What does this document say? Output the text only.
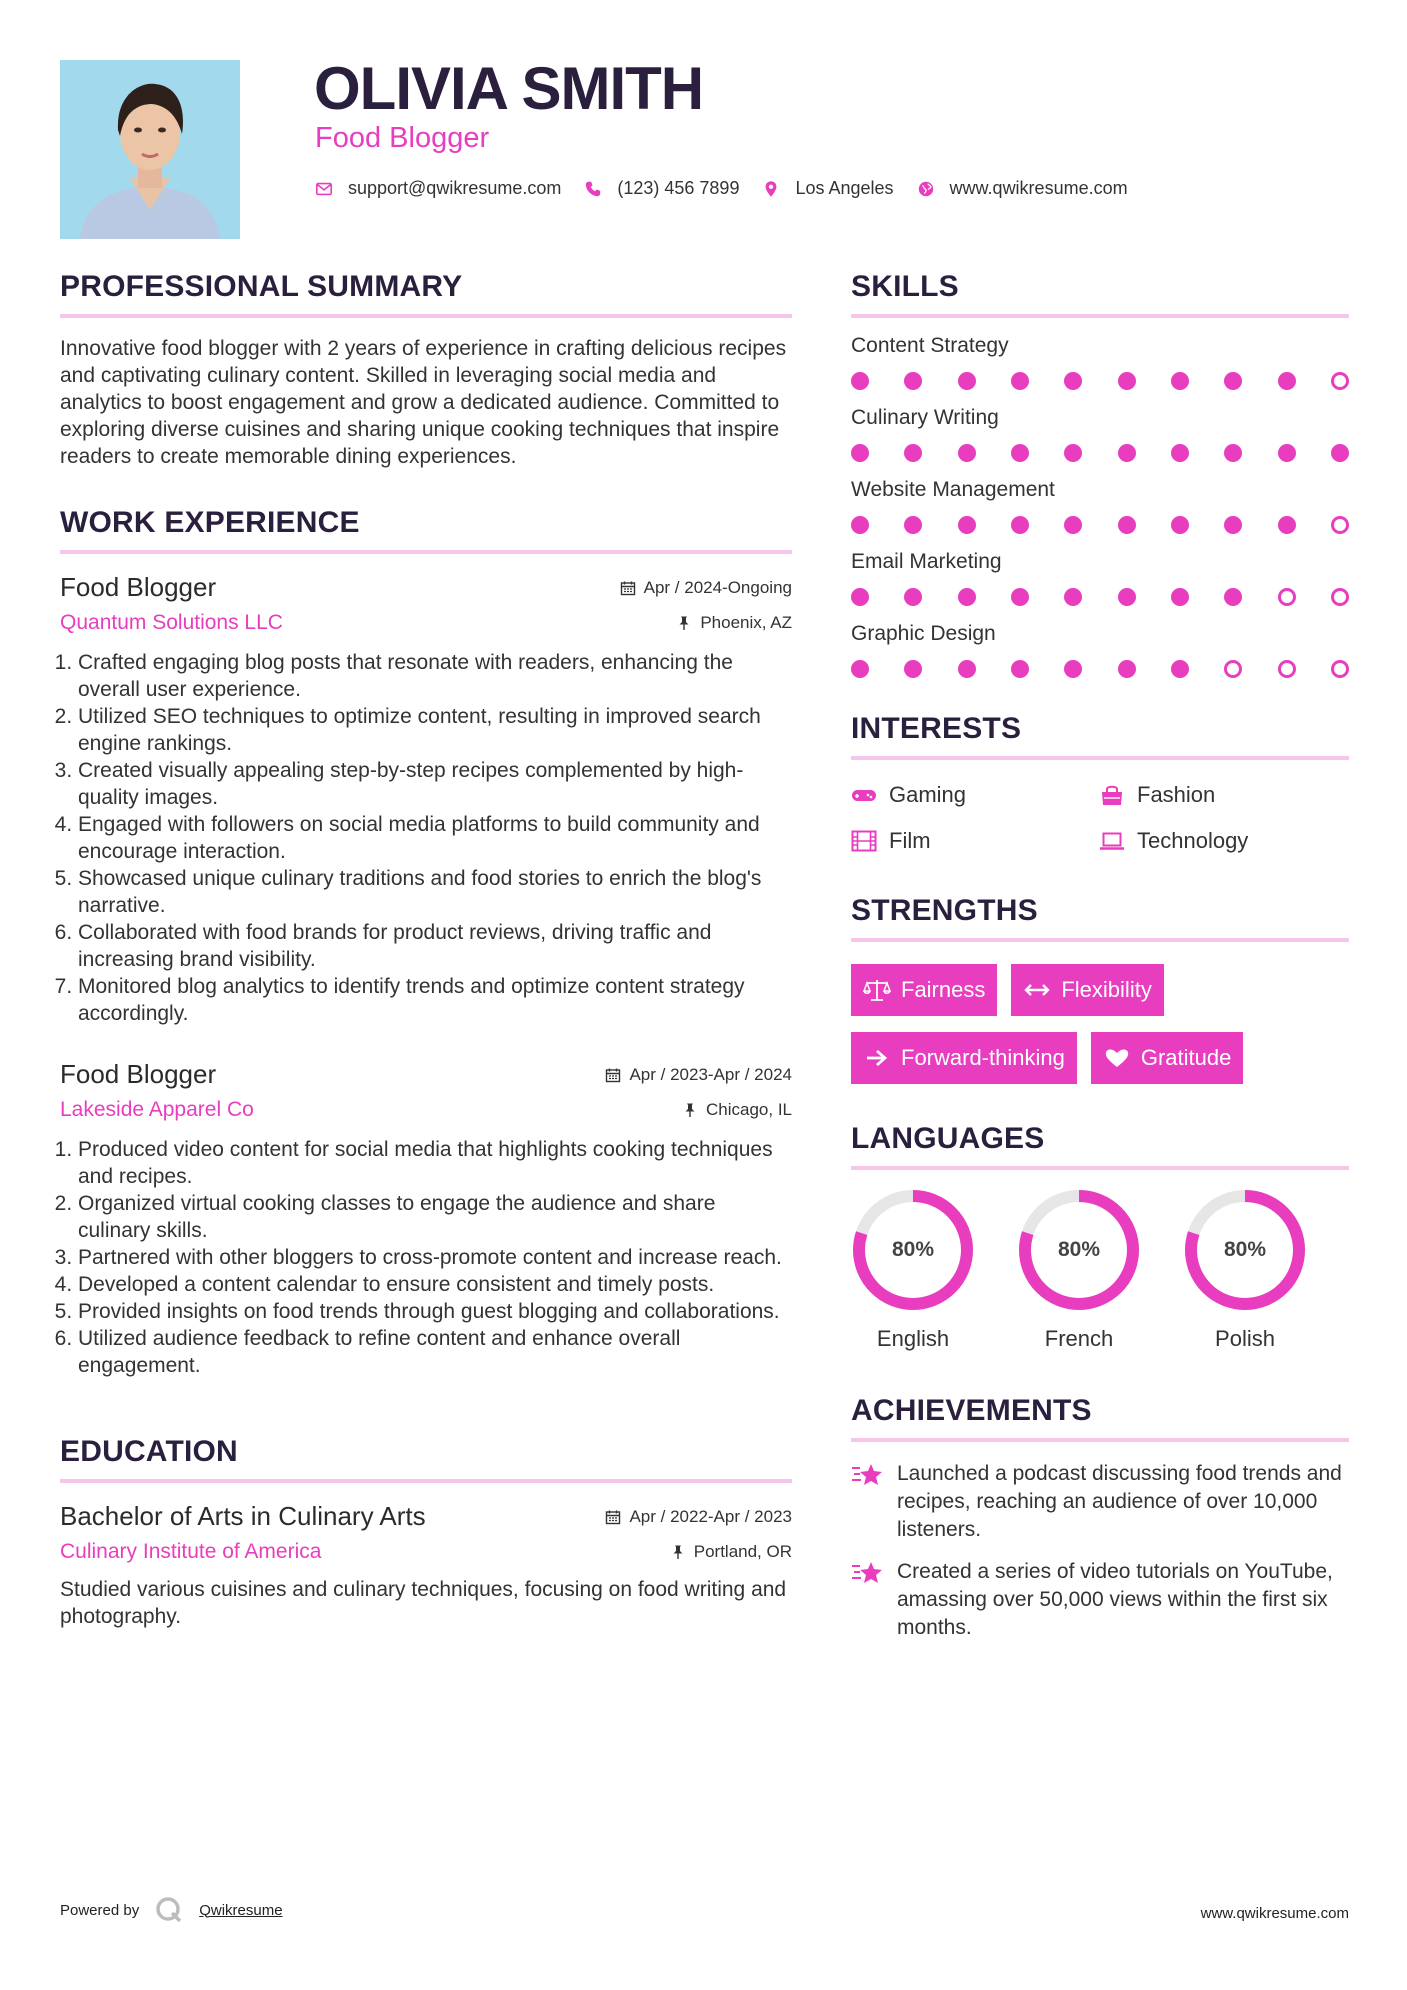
OLIVIA SMITH
Food Blogger
support@qwikresume.com	(123) 456 7899	Los Angeles	www.qwikresume.com
PROFESSIONAL SUMMARY
Innovative food blogger with 2 years of experience in crafting delicious recipes and captivating culinary content. Skilled in leveraging social media and analytics to boost engagement and grow a dedicated audience. Committed to exploring diverse cuisines and sharing unique cooking techniques that inspire readers to create memorable dining experiences.
WORK EXPERIENCE
Food Blogger	Apr / 2024-Ongoing
Quantum Solutions LLC	Phoenix, AZ
1. Crafted engaging blog posts that resonate with readers, enhancing the overall user experience.
2. Utilized SEO techniques to optimize content, resulting in improved search engine rankings.
3. Created visually appealing step-by-step recipes complemented by high-quality images.
4. Engaged with followers on social media platforms to build community and encourage interaction.
5. Showcased unique culinary traditions and food stories to enrich the blog's narrative.
6. Collaborated with food brands for product reviews, driving traffic and increasing brand visibility.
7. Monitored blog analytics to identify trends and optimize content strategy accordingly.
Food Blogger	Apr / 2023-Apr / 2024
Lakeside Apparel Co	Chicago, IL
1. Produced video content for social media that highlights cooking techniques and recipes.
2. Organized virtual cooking classes to engage the audience and share culinary skills.
3. Partnered with other bloggers to cross-promote content and increase reach.
4. Developed a content calendar to ensure consistent and timely posts.
5. Provided insights on food trends through guest blogging and collaborations.
6. Utilized audience feedback to refine content and enhance overall engagement.
EDUCATION
Bachelor of Arts in Culinary Arts	Apr / 2022-Apr / 2023
Culinary Institute of America	Portland, OR
Studied various cuisines and culinary techniques, focusing on food writing and photography.
SKILLS
Content Strategy
Culinary Writing
Website Management
Email Marketing
Graphic Design
INTERESTS
Gaming	Fashion
Film	Technology
STRENGTHS
Fairness	Flexibility
Forward-thinking	Gratitude
LANGUAGES
80%
English
80%
French
80%
Polish
ACHIEVEMENTS
Launched a podcast discussing food trends and recipes, reaching an audience of over 10,000 listeners.
Created a series of video tutorials on YouTube, amassing over 50,000 views within the first six months.
Powered by	Qwikresume	www.qwikresume.com
